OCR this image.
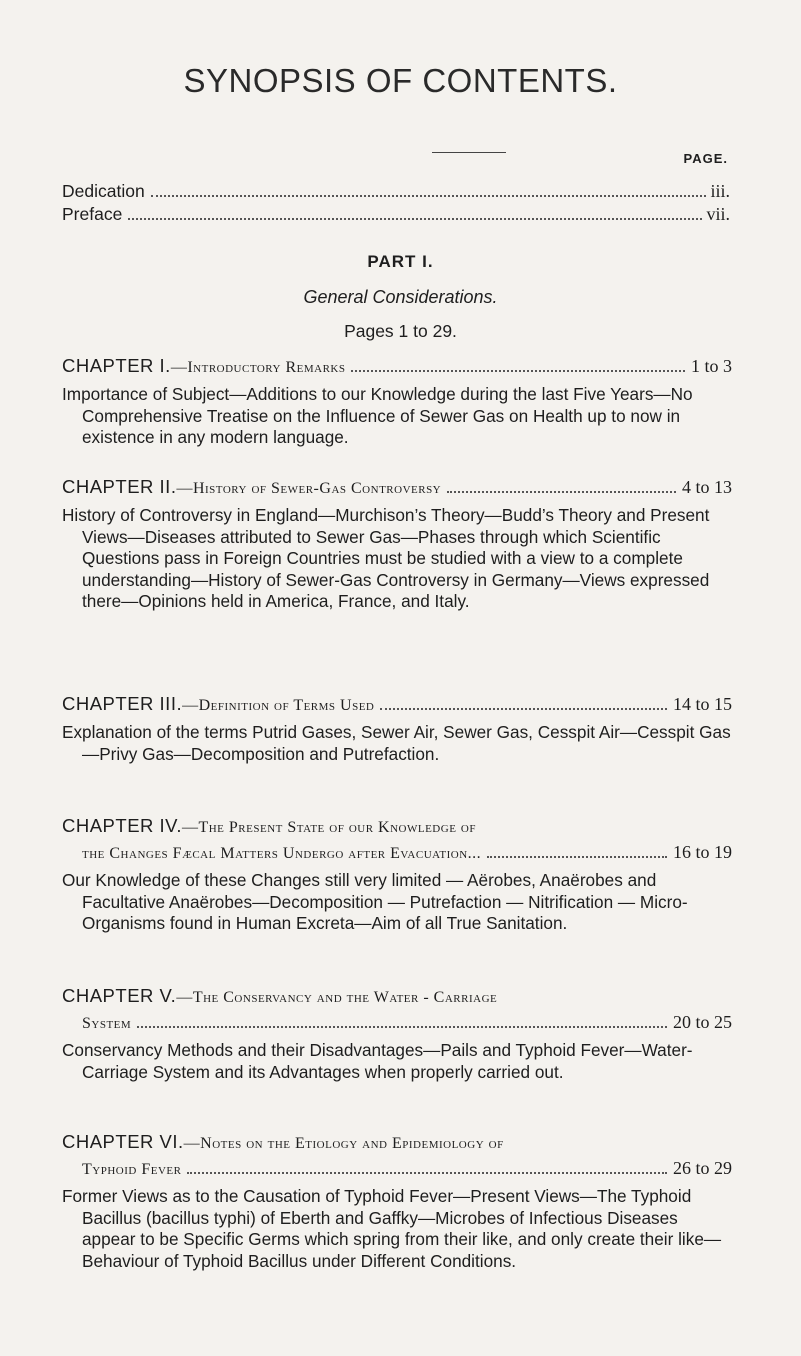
SYNOPSIS OF CONTENTS.
PAGE.
Dedication	iii.
Preface	vii.
PART I.
General Considerations.
Pages 1 to 29.
CHAPTER I.—Introductory Remarks	1 to 3
Importance of Subject—Additions to our Knowledge during the last Five Years—No Comprehensive Treatise on the Influence of Sewer Gas on Health up to now in existence in any modern language.
CHAPTER II.—History of Sewer-Gas Controversy	4 to 13
History of Controversy in England—Murchison’s Theory—Budd’s Theory and Present Views—Diseases attributed to Sewer Gas—Phases through which Scientific Questions pass in Foreign Countries must be studied with a view to a complete understanding—History of Sewer-Gas Controversy in Germany—Views expressed there—Opinions held in America, France, and Italy.
CHAPTER III.—Definition of Terms Used	14 to 15
Explanation of the terms Putrid Gases, Sewer Air, Sewer Gas, Cesspit Air—Cesspit Gas—Privy Gas—Decomposition and Putrefaction.
CHAPTER IV.—The Present State of our Knowledge of
the Changes Fæcal Matters Undergo after Evacuation...	16 to 19
Our Knowledge of these Changes still very limited — Aërobes, Anaërobes and Facultative Anaërobes—Decomposition — Putrefaction — Nitrification — Micro-Organisms found in Human Excreta—Aim of all True Sanitation.
CHAPTER V.—The Conservancy and the Water - Carriage
System	20 to 25
Conservancy Methods and their Disadvantages—Pails and Typhoid Fever—Water-Carriage System and its Advantages when properly carried out.
CHAPTER VI.—Notes on the Etiology and Epidemiology of
Typhoid Fever	26 to 29
Former Views as to the Causation of Typhoid Fever—Present Views—The Typhoid Bacillus (bacillus typhi) of Eberth and Gaffky—Microbes of Infectious Diseases appear to be Specific Germs which spring from their like, and only create their like—Behaviour of Typhoid Bacillus under Different Conditions.
